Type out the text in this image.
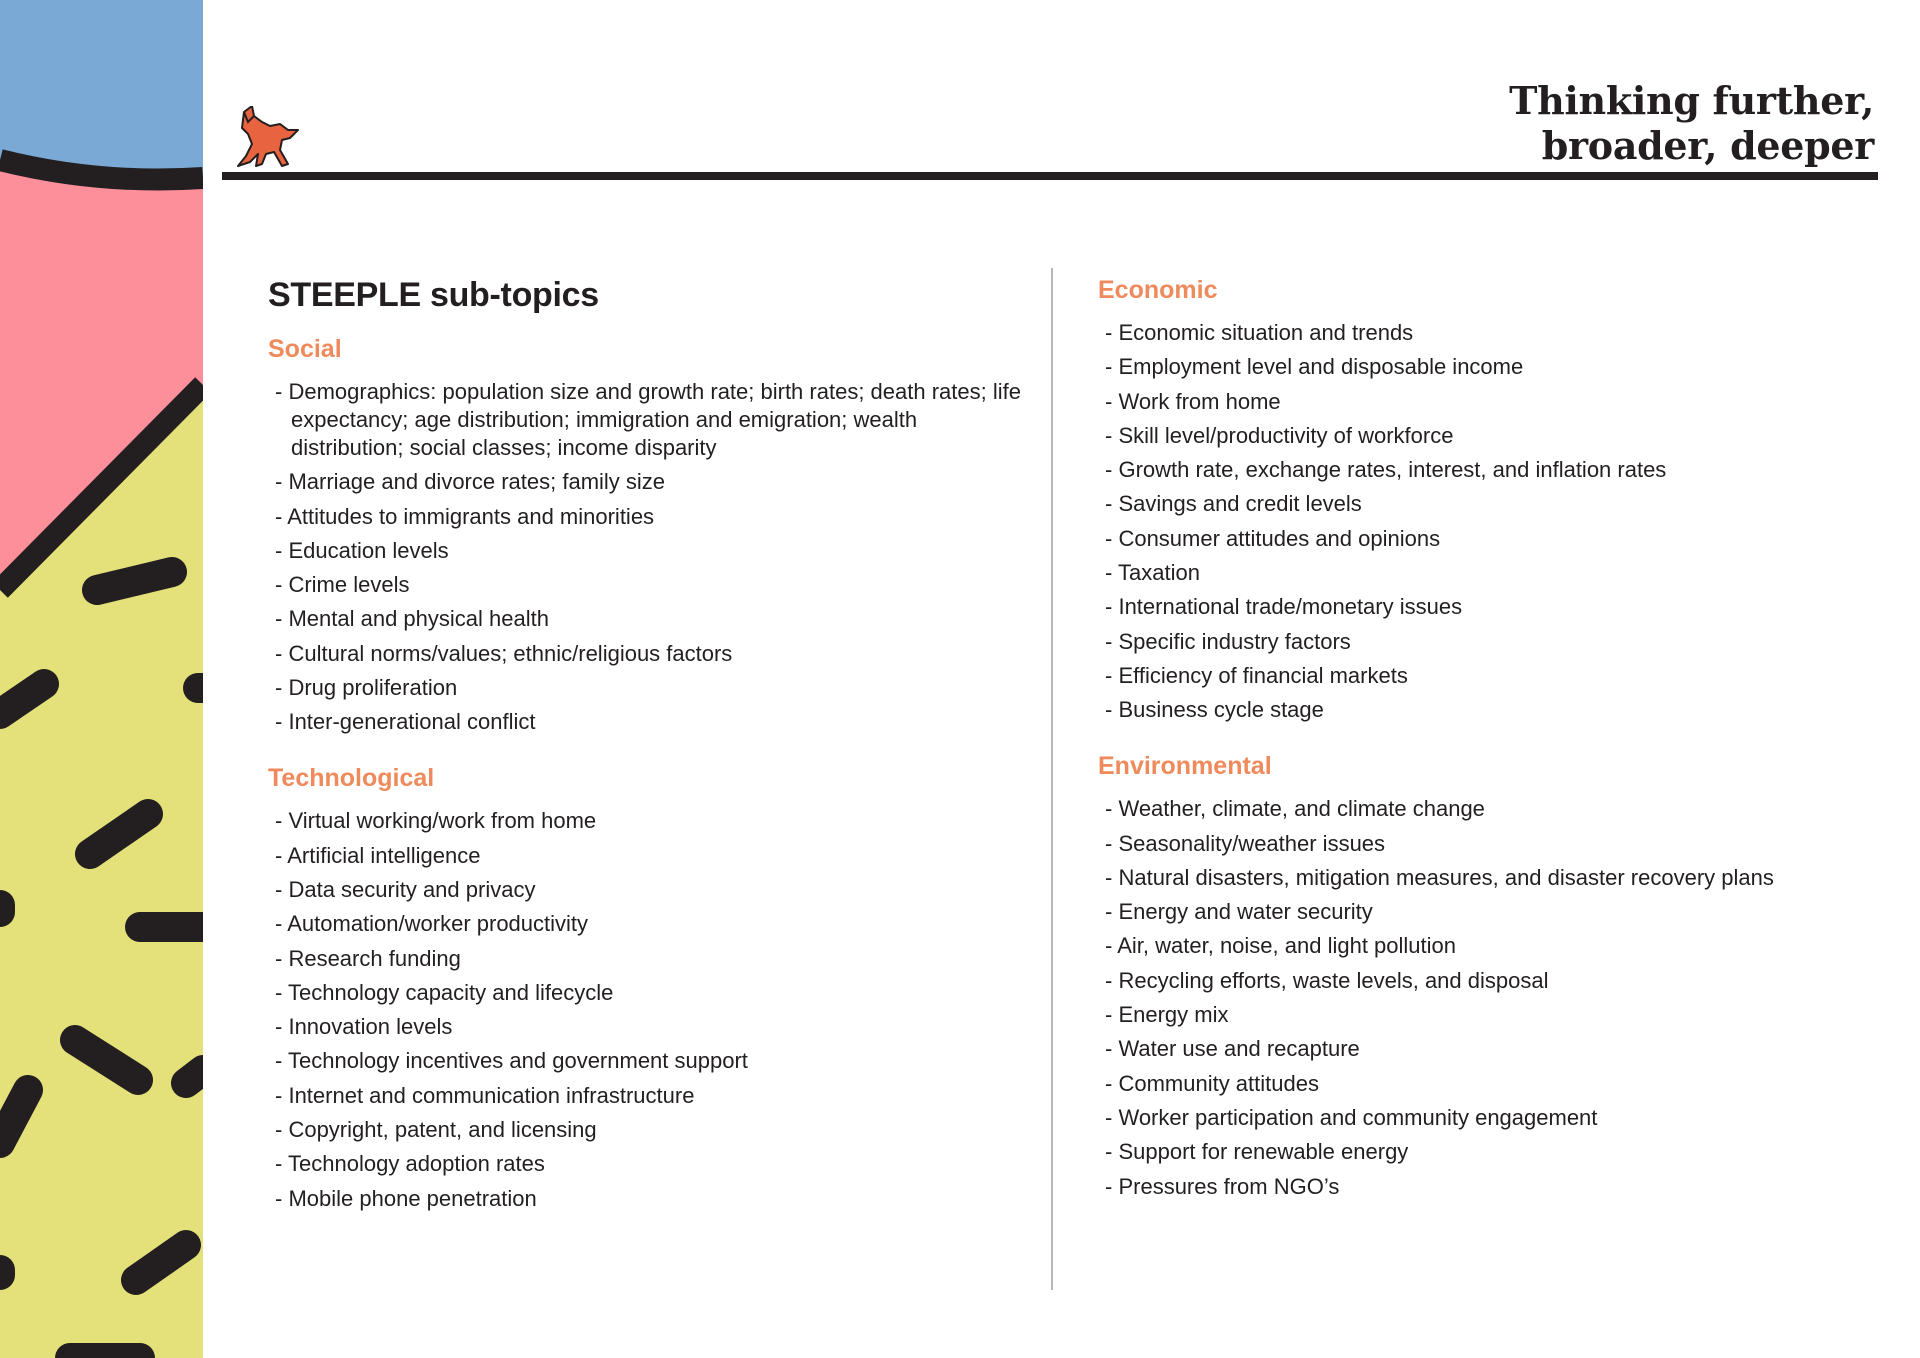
Thinking further,
broader, deeper
STEEPLE sub-topics
Social
- Demographics: population size and growth rate; birth rates; death rates; life expectancy; age distribution; immigration and emigration; wealth distribution; social classes; income disparity
- Marriage and divorce rates; family size
- Attitudes to immigrants and minorities
- Education levels
- Crime levels
- Mental and physical health
- Cultural norms/values; ethnic/religious factors
- Drug proliferation
- Inter-generational conflict
Technological
- Virtual working/work from home
- Artificial intelligence
- Data security and privacy
- Automation/worker productivity
- Research funding
- Technology capacity and lifecycle
- Innovation levels
- Technology incentives and government support
- Internet and communication infrastructure
- Copyright, patent, and licensing
- Technology adoption rates
- Mobile phone penetration
Economic
- Economic situation and trends
- Employment level and disposable income
- Work from home
- Skill level/productivity of workforce
- Growth rate, exchange rates, interest, and inflation rates
- Savings and credit levels
- Consumer attitudes and opinions
- Taxation
- International trade/monetary issues
- Specific industry factors
- Efficiency of financial markets
- Business cycle stage
Environmental
- Weather, climate, and climate change
- Seasonality/weather issues
- Natural disasters, mitigation measures, and disaster recovery plans
- Energy and water security
- Air, water, noise, and light pollution
- Recycling efforts, waste levels, and disposal
- Energy mix
- Water use and recapture
- Community attitudes
- Worker participation and community engagement
- Support for renewable energy
- Pressures from NGO’s
